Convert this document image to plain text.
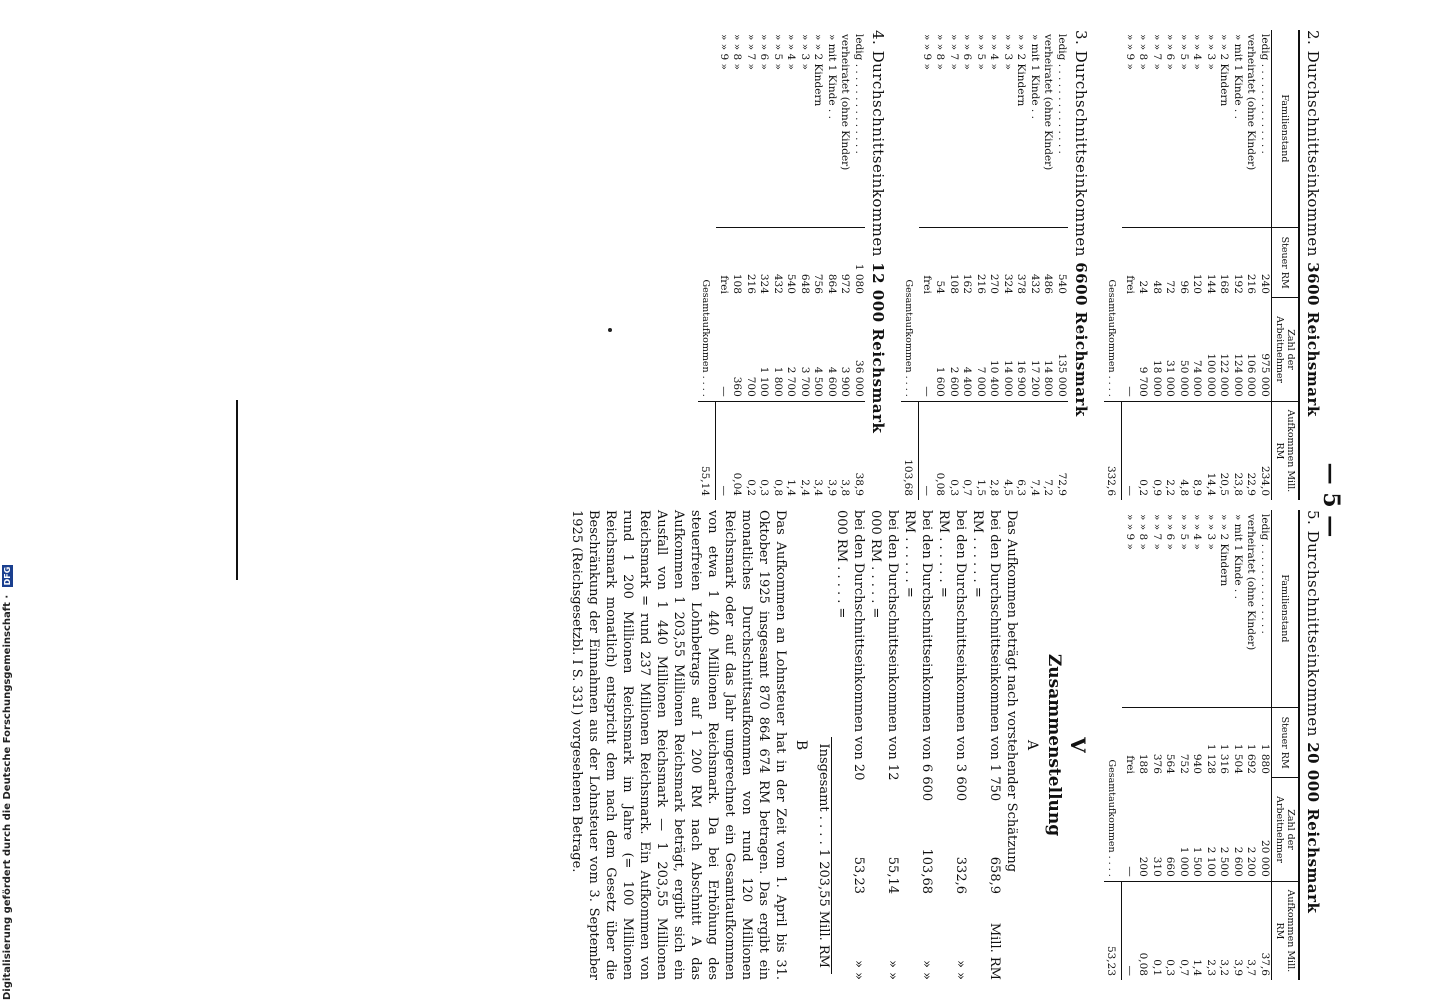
— 5 —
2. Durchschnittseinkommen 3600 Reichsmark
Familienstand	Steuer RM	Zahl der Arbeitnehmer	Aufkommen Mill. RM
ledig . . . . . . . . . . . . . .	240	975 000	234,0
verheiratet (ohne Kinder)	216	106 000	22,9
» mit 1 Kinde . .	192	124 000	23,8
» » 2 Kindern	168	122 000	20,5
» » 3 »	144	100 000	14,4
» » 4 »	120	74 000	8,9
» » 5 »	96	50 000	4,8
» » 6 »	72	31 000	2,2
» » 7 »	48	18 000	0,9
» » 8 »	24	9 700	0,2
» » 9 »	frei	—	—
Gesamtaufkommen . . . .			332,6
3. Durchschnittseinkommen 6600 Reichsmark
ledig . . . . . . . . . . . . . .	540	135 000	72,9
verheiratet (ohne Kinder)	486	14 800	7,2
» mit 1 Kinde . .	432	17 200	7,4
» » 2 Kindern	378	16 900	6,3
» » 3 »	324	14 000	4,5
» » 4 »	270	10 400	2,8
» » 5 »	216	7 000	1,5
» » 6 »	162	4 400	0,7
» » 7 »	108	2 600	0,3
» » 8 »	54	1 600	0,08
» » 9 »	frei	—	—
Gesamtaufkommen . . . .			103,68
4. Durchschnittseinkommen 12 000 Reichsmark
ledig . . . . . . . . . . . . . .	1 080	36 000	38,9
verheiratet (ohne Kinder)	972	3 900	3,8
» mit 1 Kinde . .	864	4 600	3,9
» » 2 Kindern	756	4 500	3,4
» » 3 »	648	3 700	2,4
» » 4 »	540	2 700	1,4
» » 5 »	432	1 800	0,8
» » 6 »	324	1 100	0,3
» » 7 »	216	700	0,2
» » 8 »	108	360	0,04
» » 9 »	frei	—	—
Gesamtaufkommen . . . .			55,14
5. Durchschnittseinkommen 20 000 Reichsmark
Familienstand	Steuer RM	Zahl der Arbeitnehmer	Aufkommen Mill. RM
ledig . . . . . . . . . . . . . .	1 880	20 000	37,6
verheiratet (ohne Kinder)	1 692	2 200	3,7
» mit 1 Kinde . .	1 504	2 600	3,9
» » 2 Kindern	1 316	2 500	3,2
» » 3 »	1 128	2 100	2,3
» » 4 »	940	1 500	1,4
» » 5 »	752	1 000	0,7
» » 6 »	564	660	0,3
» » 7 »	376	310	0,1
» » 8 »	188	200	0,08
» » 9 »	frei	—	—
Gesamtaufkommen . . . .			53,23
V
Zusammenstellung
A

Das Aufkommen beträgt nach vorstehender Schätzung

bei den Durchschnittseinkommen von 1 750 RM . . . . . . =
658,9
Mill. RM
bei den Durchschnittseinkommen von 3 600 RM . . . . . . =
332,6
» »
bei den Durchschnittseinkommen von 6 600 RM . . . . . . =
103,68
» »
bei den Durchschnittseinkommen von 12 000 RM . . . . . =
55,14
» »
bei den Durchschnittseinkommen von 20 000 RM . . . . . =
53,23
» »
Insgesamt . . . . 1 203,55 Mill. RM
B

Das Aufkommen an Lohnsteuer hat in der Zeit vom 1. April bis 31. Oktober 1925 insgesamt 870 864 674 RM betragen. Das ergibt ein monatliches Durchschnittsaufkommen von rund 120 Millionen Reichsmark oder auf das Jahr umgerechnet ein Gesamtaufkommen von etwa 1 440 Millionen Reichsmark. Da bei Erhöhung des steuerfreien Lohnbetrags auf 1 200 RM nach Abschnitt A das Aufkommen 1 203,55 Millionen Reichsmark beträgt, ergibt sich ein Ausfall von 1 440 Millionen Reichsmark — 1 203,55 Millionen Reichsmark = rund 237 Millionen Reichsmark. Ein Aufkommen von rund 1 200 Millionen Reichsmark im Jahre (= 100 Millionen Reichsmark monatlich) entspricht dem nach dem Gesetz über die Beschränkung der Einnahmen aus der Lohnsteuer vom 3. September 1925 (Reichsgesetzbl. I S. 331) vorgesehenen Betrage.

Digitalisierung gefördert durch die Deutsche Forschungsgemeinschaft · DFG
